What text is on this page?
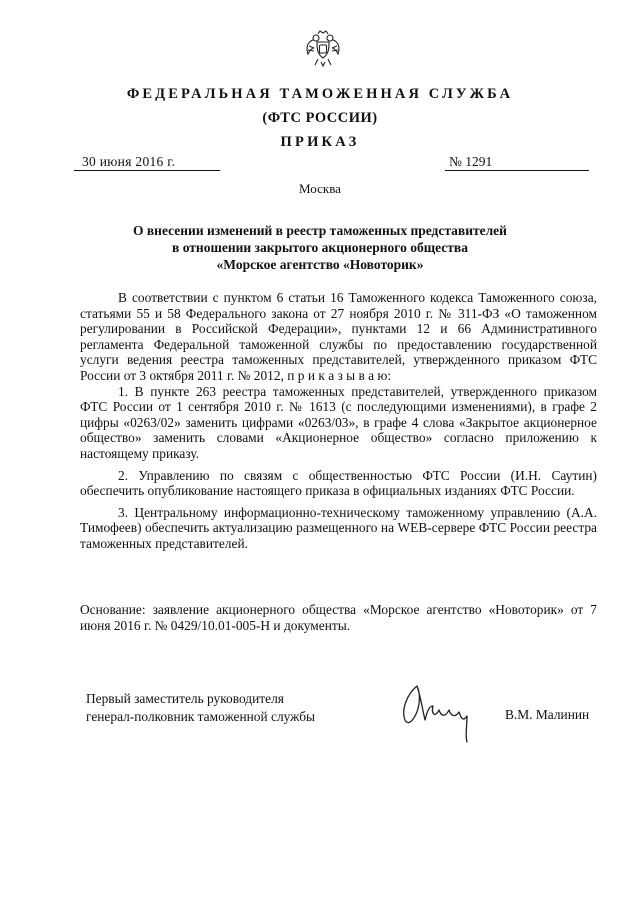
ФЕДЕРАЛЬНАЯ ТАМОЖЕННАЯ СЛУЖБА
(ФТС РОССИИ)
ПРИКАЗ
30 июня 2016 г.	№ 1291
Москва
О внесении изменений в реестр таможенных представителей
в отношении закрытого акционерного общества
«Морское агентство «Новоторик»

В соответствии с пунктом 6 статьи 16 Таможенного кодекса Таможенного союза, статьями 55 и 58 Федерального закона от 27 ноября 2010 г. № 311-ФЗ «О таможенном регулировании в Российской Федерации», пунктами 12 и 66 Административного регламента Федеральной таможенной службы по предоставлению государственной услуги ведения реестра таможенных представителей, утвержденного приказом ФТС России от 3 октября 2011 г. № 2012, п р и к а з ы в а ю:

1. В пункте 263 реестра таможенных представителей, утвержденного приказом ФТС России от 1 сентября 2010 г. № 1613 (с последующими изменениями), в графе 2 цифры «0263/02» заменить цифрами «0263/03», в графе 4 слова «Закрытое акционерное общество» заменить словами «Акционерное общество» согласно приложению к настоящему приказу.

2. Управлению по связям с общественностью ФТС России (И.Н. Саутин) обеспечить опубликование настоящего приказа в официальных изданиях ФТС России.

3. Центральному информационно-техническому таможенному управлению (А.А. Тимофеев) обеспечить актуализацию размещенного на WEB-сервере ФТС России реестра таможенных представителей.

Основание: заявление акционерного общества «Морское агентство «Новоторик» от 7 июня 2016 г. № 0429/10.01-005-Н и документы.
Первый заместитель руководителя
генерал-полковник таможенной службы	В.М. Малинин
